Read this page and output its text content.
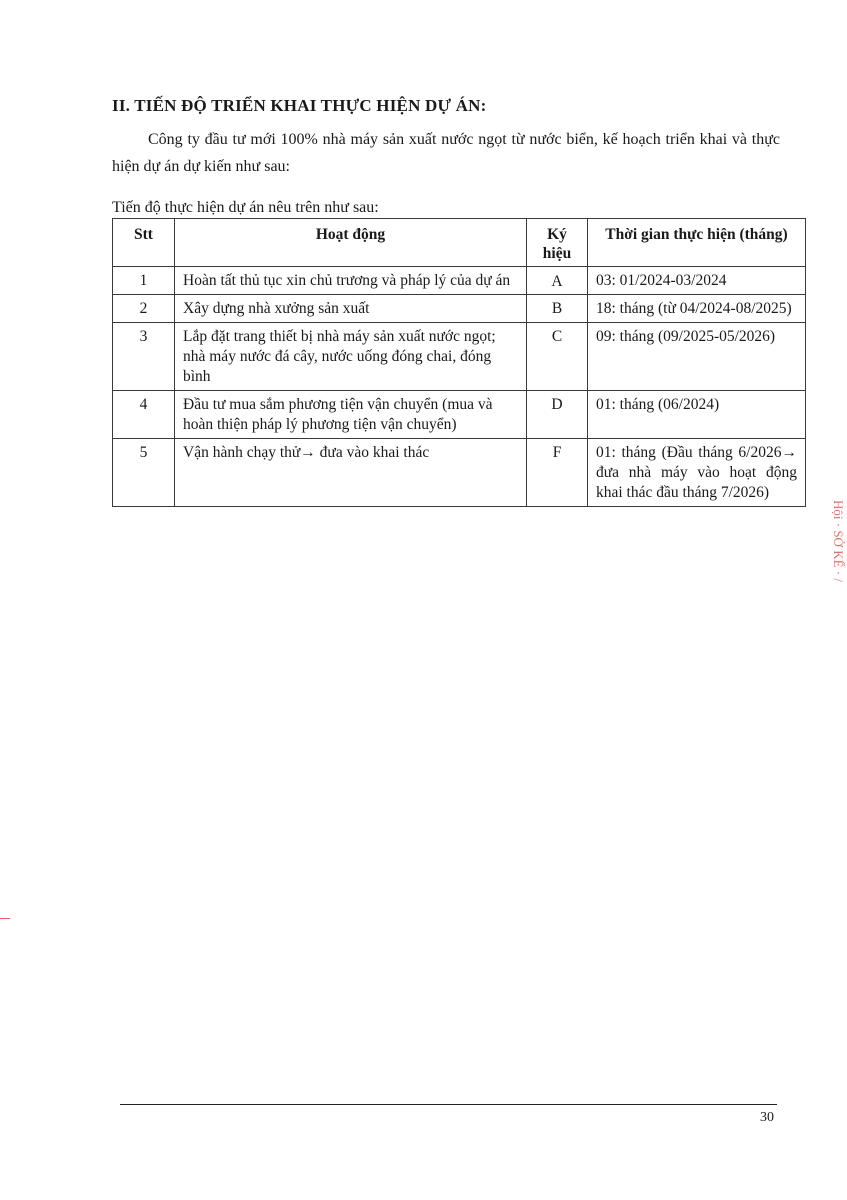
II. TIẾN ĐỘ TRIỂN KHAI THỰC HIỆN DỰ ÁN:
Công ty đầu tư mới 100% nhà máy sản xuất nước ngọt từ nước biển, kế hoạch triển khai và thực hiện dự án dự kiến như sau:
Tiến độ thực hiện dự án nêu trên như sau:
Stt	Hoạt động	Ký hiệu	Thời gian thực hiện (tháng)
1	Hoàn tất thủ tục xin chủ trương và pháp lý của dự án	A	03: 01/2024-03/2024
2	Xây dựng nhà xưởng sản xuất	B	18: tháng (từ 04/2024-08/2025)
3	Lắp đặt trang thiết bị nhà máy sản xuất nước ngọt; nhà máy nước đá cây, nước uống đóng chai, đóng bình	C	09: tháng (09/2025-05/2026)
4	Đầu tư mua sắm phương tiện vận chuyển (mua và hoàn thiện pháp lý phương tiện vận chuyển)	D	01: tháng (06/2024)
5	Vận hành chạy thử→ đưa vào khai thác	F	01: tháng (Đầu tháng 6/2026→ đưa nhà máy vào hoạt động khai thác đầu tháng 7/2026)
30
Hội · SỞ KẾ · /
